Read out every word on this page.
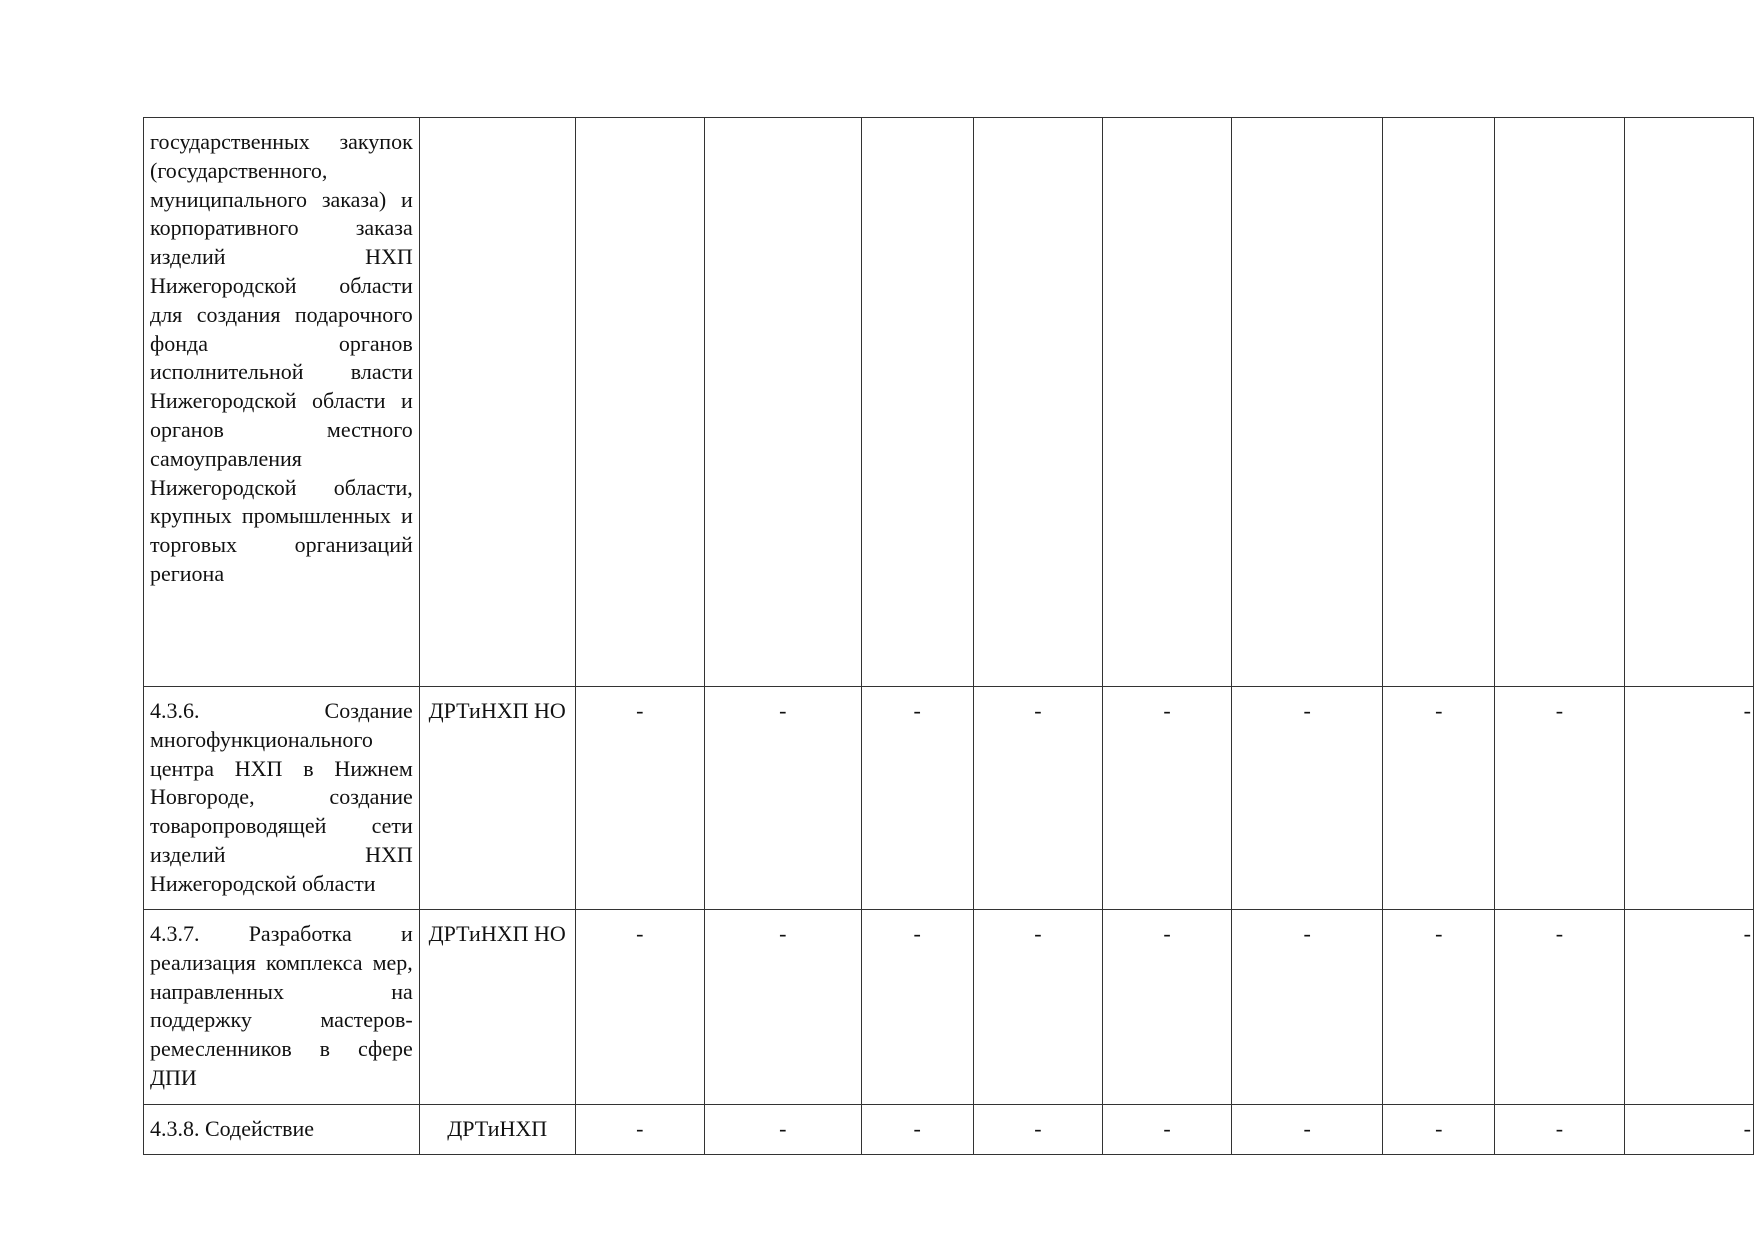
государственных закупок (государственного, муниципального заказа) и корпоративного заказа изделий НХП Нижегородской области для создания подарочного фонда органов исполнительной власти Нижегородской области и органов местного самоуправления Нижегородской области, крупных промышленных и торговых организаций региона										
4.3.6. Создание многофункционального центра НХП в Нижнем Новгороде, создание товаропроводящей сети изделий НХП Нижегородской области	ДРТиНХП НО	-	-	-	-	-	-	-	-	-
4.3.7. Разработка и реализация комплекса мер, направленных на поддержку мастеров-ремесленников в сфере ДПИ	ДРТиНХП НО	-	-	-	-	-	-	-	-	-
4.3.8. Содействие	ДРТиНХП	-	-	-	-	-	-	-	-	-
